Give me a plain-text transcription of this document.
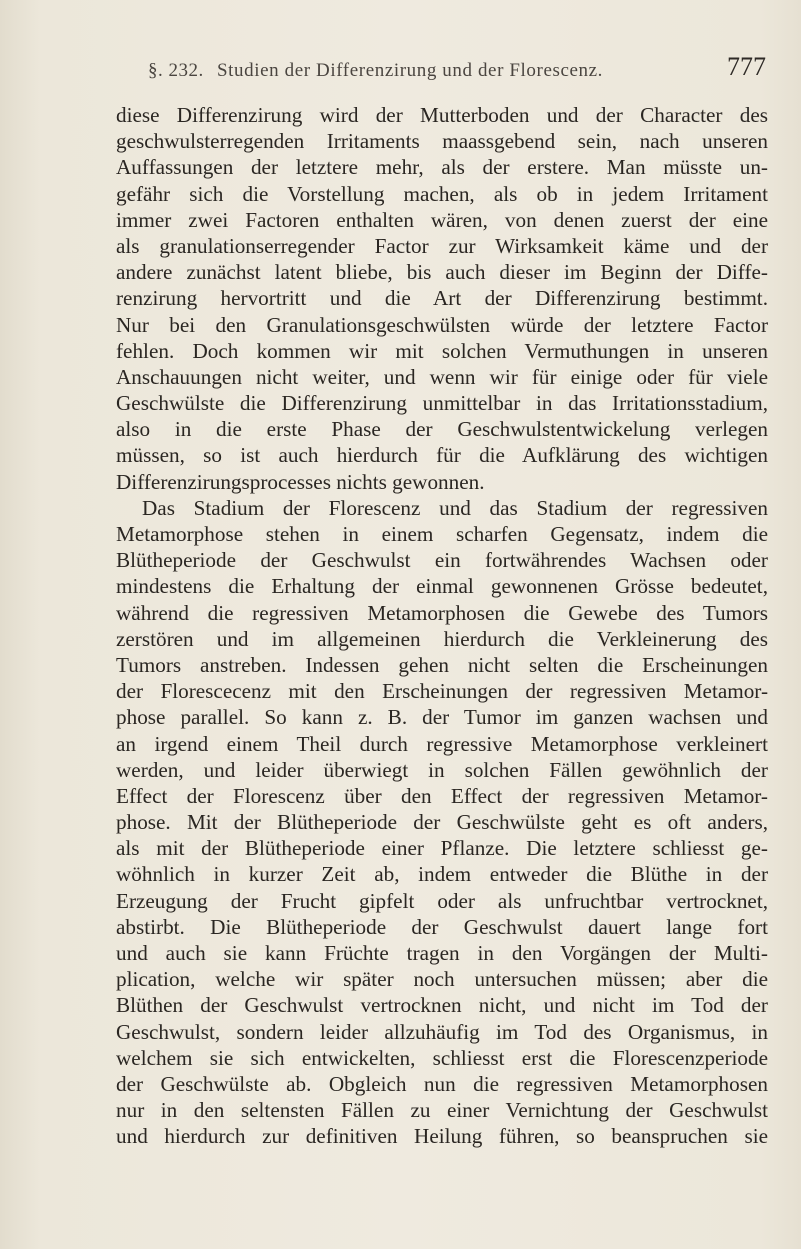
§. 232. Studien der Differenzirung und der Florescenz.	777
diese Differenzirung wird der Mutterboden und der Character des
geschwulsterregenden Irritaments maassgebend sein, nach unseren
Auffassungen der letztere mehr, als der erstere. Man müsste un-
gefähr sich die Vorstellung machen, als ob in jedem Irritament
immer zwei Factoren enthalten wären, von denen zuerst der eine
als granulationserregender Factor zur Wirksamkeit käme und der
andere zunächst latent bliebe, bis auch dieser im Beginn der Diffe-
renzirung hervortritt und die Art der Differenzirung bestimmt.
Nur bei den Granulationsgeschwülsten würde der letztere Factor
fehlen. Doch kommen wir mit solchen Vermuthungen in unseren
Anschauungen nicht weiter, und wenn wir für einige oder für viele
Geschwülste die Differenzirung unmittelbar in das Irritationsstadium,
also in die erste Phase der Geschwulstentwickelung verlegen
müssen, so ist auch hierdurch für die Aufklärung des wichtigen
Differenzirungsprocesses nichts gewonnen.
Das Stadium der Florescenz und das Stadium der regressiven
Metamorphose stehen in einem scharfen Gegensatz, indem die
Blütheperiode der Geschwulst ein fortwährendes Wachsen oder
mindestens die Erhaltung der einmal gewonnenen Grösse bedeutet,
während die regressiven Metamorphosen die Gewebe des Tumors
zerstören und im allgemeinen hierdurch die Verkleinerung des
Tumors anstreben. Indessen gehen nicht selten die Erscheinungen
der Florescecenz mit den Erscheinungen der regressiven Metamor-
phose parallel. So kann z. B. der Tumor im ganzen wachsen und
an irgend einem Theil durch regressive Metamorphose verkleinert
werden, und leider überwiegt in solchen Fällen gewöhnlich der
Effect der Florescenz über den Effect der regressiven Metamor-
phose. Mit der Blütheperiode der Geschwülste geht es oft anders,
als mit der Blütheperiode einer Pflanze. Die letztere schliesst ge-
wöhnlich in kurzer Zeit ab, indem entweder die Blüthe in der
Erzeugung der Frucht gipfelt oder als unfruchtbar vertrocknet,
abstirbt. Die Blütheperiode der Geschwulst dauert lange fort
und auch sie kann Früchte tragen in den Vorgängen der Multi-
plication, welche wir später noch untersuchen müssen; aber die
Blüthen der Geschwulst vertrocknen nicht, und nicht im Tod der
Geschwulst, sondern leider allzuhäufig im Tod des Organismus, in
welchem sie sich entwickelten, schliesst erst die Florescenzperiode
der Geschwülste ab. Obgleich nun die regressiven Metamorphosen
nur in den seltensten Fällen zu einer Vernichtung der Geschwulst
und hierdurch zur definitiven Heilung führen, so beanspruchen sie
